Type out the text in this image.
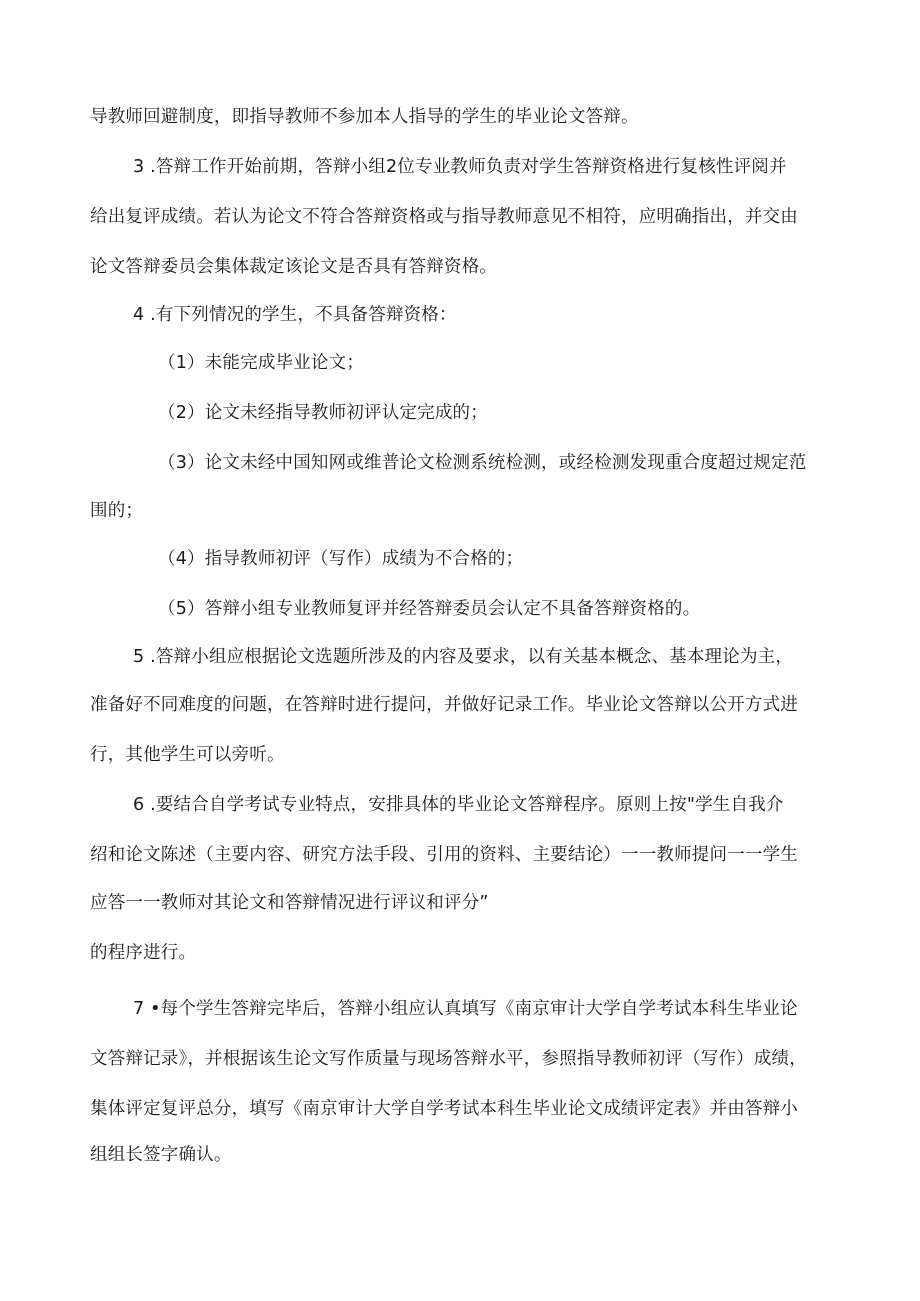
导教师回避制度，即指导教师不参加本人指导的学生的毕业论文答辩。
3 .答辩工作开始前期，答辩小组2位专业教师负责对学生答辩资格进行复核性评阅并
给出复评成绩。若认为论文不符合答辩资格或与指导教师意见不相符，应明确指出，并交由
论文答辩委员会集体裁定该论文是否具有答辩资格。
4 .有下列情况的学生，不具备答辩资格：
（1）未能完成毕业论文；
（2）论文未经指导教师初评认定完成的；
（3）论文未经中国知网或维普论文检测系统检测，或经检测发现重合度超过规定范
围的；
（4）指导教师初评（写作）成绩为不合格的；
（5）答辩小组专业教师复评并经答辩委员会认定不具备答辩资格的。
5 .答辩小组应根据论文选题所涉及的内容及要求，以有关基本概念、基本理论为主，
准备好不同难度的问题，在答辩时进行提问，并做好记录工作。毕业论文答辩以公开方式进
行，其他学生可以旁听。
6 .要结合自学考试专业特点，安排具体的毕业论文答辩程序。原则上按"学生自我介
绍和论文陈述（主要内容、研究方法手段、引用的资料、主要结论）一一教师提问一一学生
应答一一教师对其论文和答辩情况进行评议和评分”
的程序进行。
7 •每个学生答辩完毕后，答辩小组应认真填写《南京审计大学自学考试本科生毕业论
文答辩记录》，并根据该生论文写作质量与现场答辩水平，参照指导教师初评（写作）成绩，
集体评定复评总分，填写《南京审计大学自学考试本科生毕业论文成绩评定表》并由答辩小
组组长签字确认。
